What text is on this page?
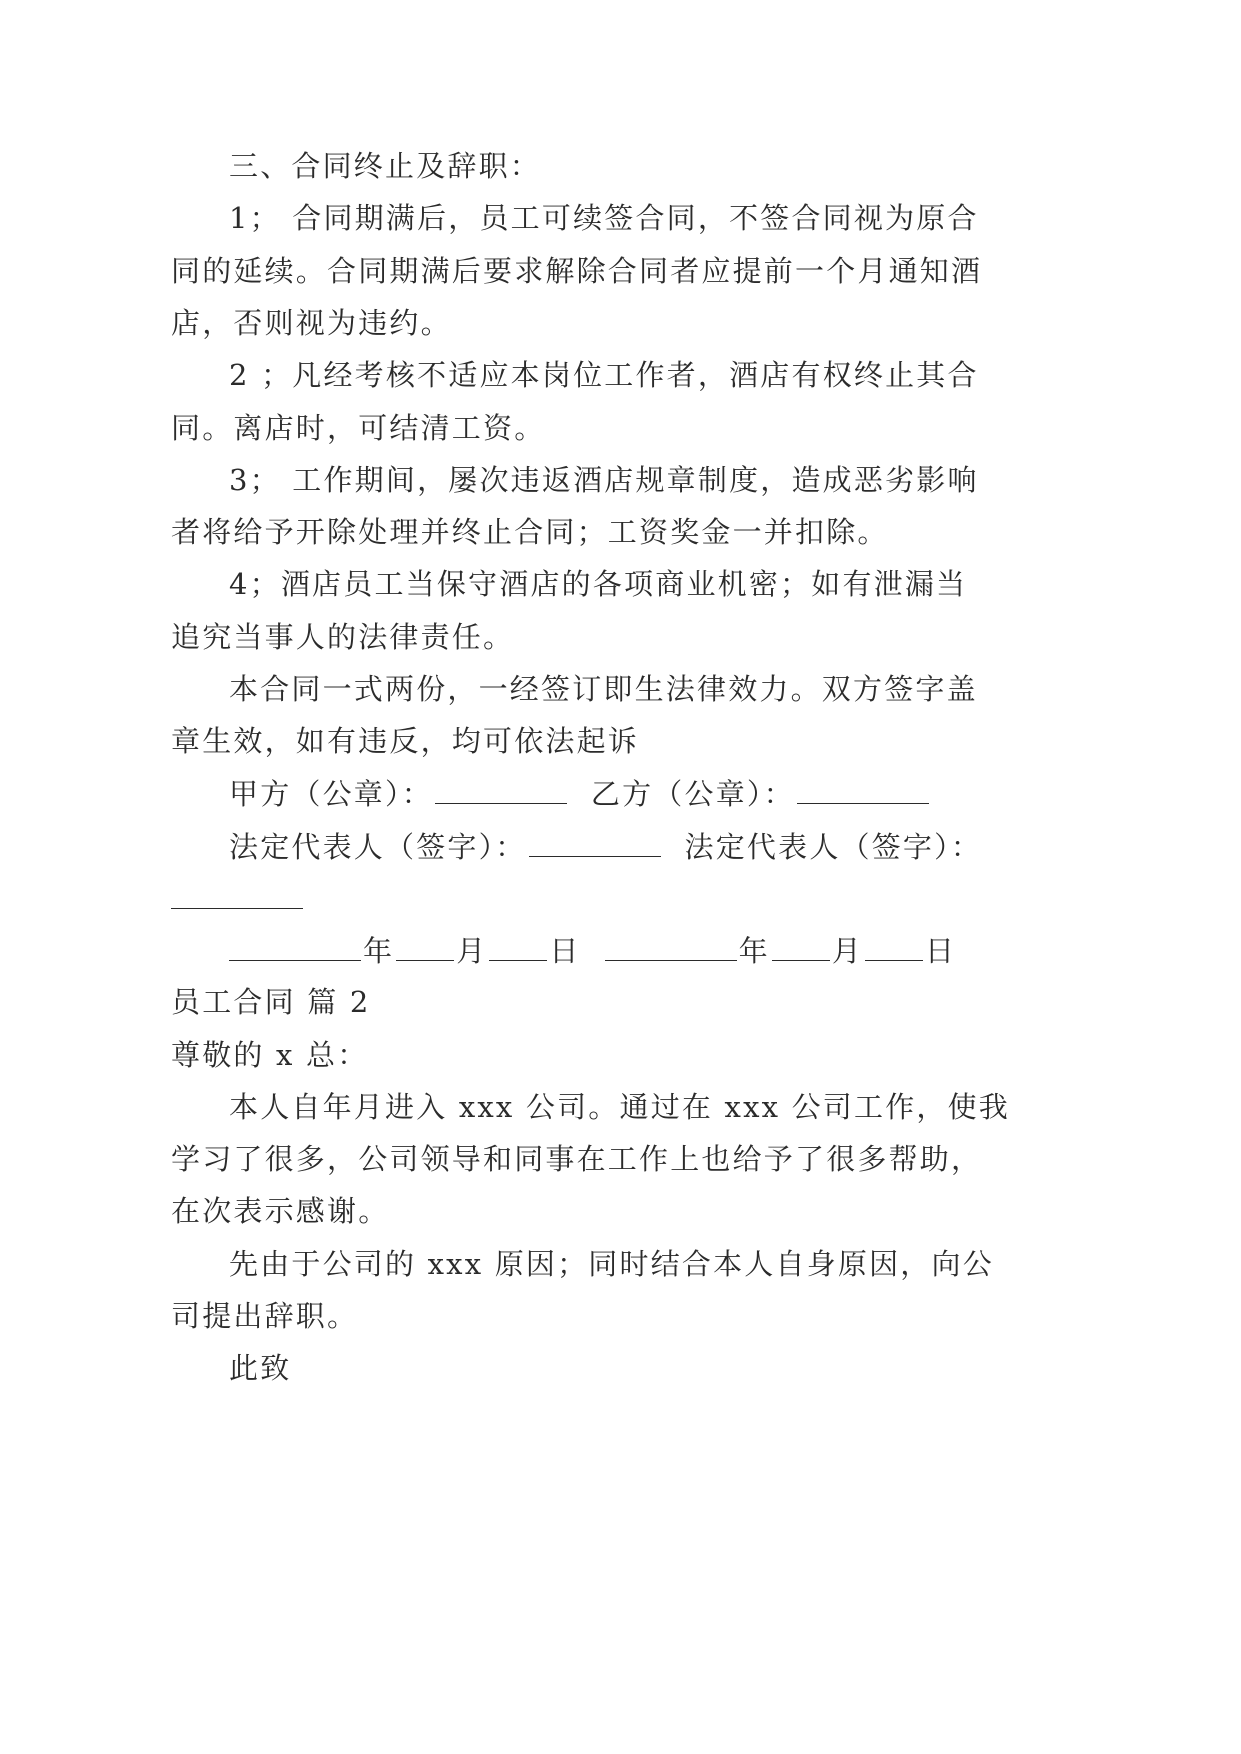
三、合同终止及辞职：
1； 合同期满后，员工可续签合同，不签合同视为原合
同的延续。合同期满后要求解除合同者应提前一个月通知酒
店，否则视为违约。
2 ；凡经考核不适应本岗位工作者，酒店有权终止其合
同。离店时，可结清工资。
3； 工作期间，屡次违返酒店规章制度，造成恶劣影响
者将给予开除处理并终止合同；工资奖金一并扣除。
4；酒店员工当保守酒店的各项商业机密；如有泄漏当
追究当事人的法律责任。
本合同一式两份，一经签订即生法律效力。双方签字盖
章生效，如有违反，均可依法起诉
甲方（公章）：	乙方（公章）：
法定代表人（签字）：	法定代表人（签字）：
年 月 日	年 月 日
员工合同 篇 2
尊敬的 x 总：
本人自年月进入 xxx 公司。通过在 xxx 公司工作，使我
学习了很多，公司领导和同事在工作上也给予了很多帮助，
在次表示感谢。
先由于公司的 xxx 原因；同时结合本人自身原因，向公
司提出辞职。
此致
